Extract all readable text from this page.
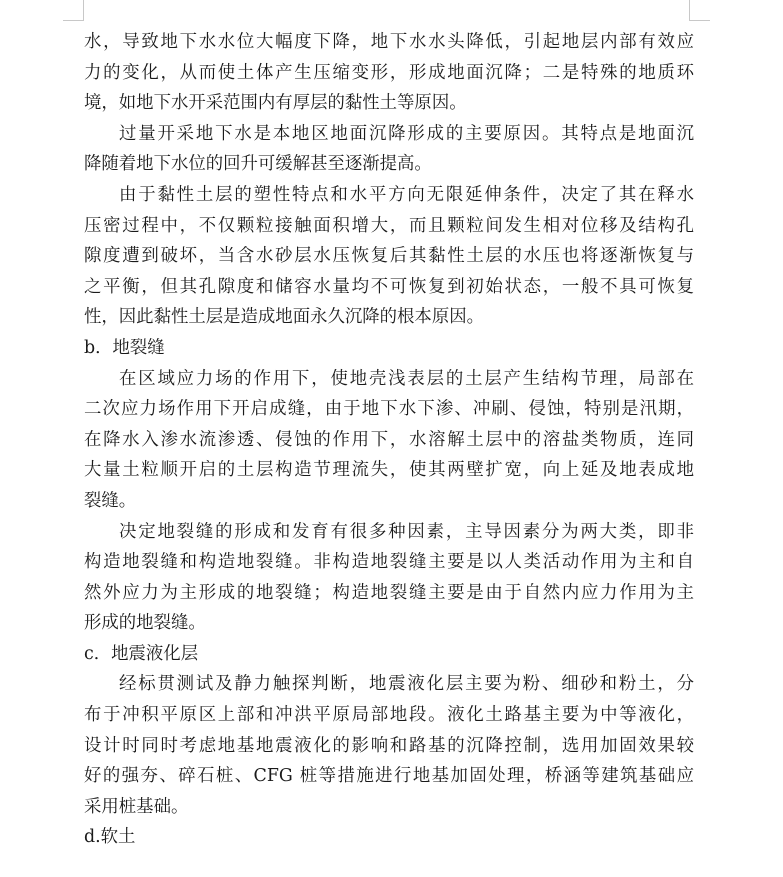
水，导致地下水水位大幅度下降，地下水水头降低，引起地层内部有效应
力的变化，从而使土体产生压缩变形，形成地面沉降；二是特殊的地质环
境，如地下水开采范围内有厚层的黏性土等原因。
过量开采地下水是本地区地面沉降形成的主要原因。其特点是地面沉
降随着地下水位的回升可缓解甚至逐渐提高。
由于黏性土层的塑性特点和水平方向无限延伸条件，决定了其在释水
压密过程中，不仅颗粒接触面积增大，而且颗粒间发生相对位移及结构孔
隙度遭到破坏，当含水砂层水压恢复后其黏性土层的水压也将逐渐恢复与
之平衡，但其孔隙度和储容水量均不可恢复到初始状态，一般不具可恢复
性，因此黏性土层是造成地面永久沉降的根本原因。
b．地裂缝
在区域应力场的作用下，使地壳浅表层的土层产生结构节理，局部在
二次应力场作用下开启成缝，由于地下水下渗、冲刷、侵蚀，特别是汛期，
在降水入渗水流渗透、侵蚀的作用下，水溶解土层中的溶盐类物质，连同
大量土粒顺开启的土层构造节理流失，使其两壁扩宽，向上延及地表成地
裂缝。
决定地裂缝的形成和发育有很多种因素，主导因素分为两大类，即非
构造地裂缝和构造地裂缝。非构造地裂缝主要是以人类活动作用为主和自
然外应力为主形成的地裂缝；构造地裂缝主要是由于自然内应力作用为主
形成的地裂缝。
c．地震液化层
经标贯测试及静力触探判断，地震液化层主要为粉、细砂和粉土，分
布于冲积平原区上部和冲洪平原局部地段。液化土路基主要为中等液化，
设计时同时考虑地基地震液化的影响和路基的沉降控制，选用加固效果较
好的强夯、碎石桩、CFG 桩等措施进行地基加固处理，桥涵等建筑基础应
采用桩基础。
d.软土
